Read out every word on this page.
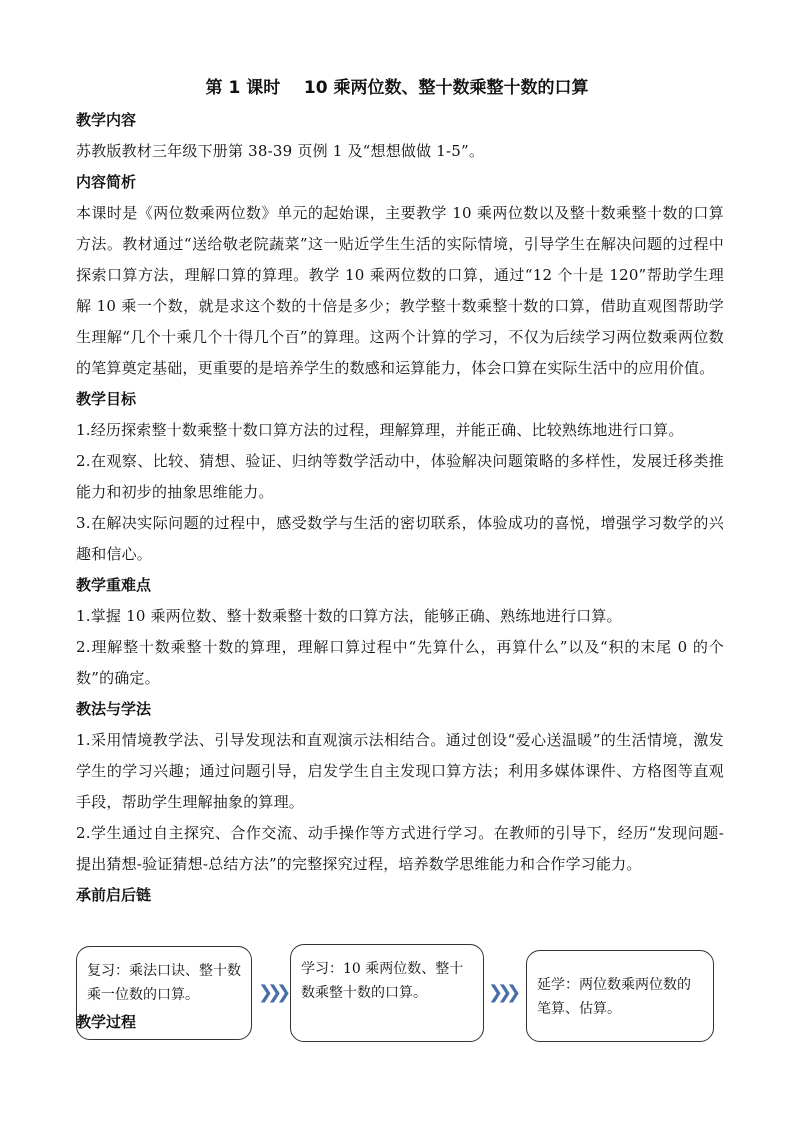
第 1 课时    10 乘两位数、整十数乘整十数的口算
教学内容
苏教版教材三年级下册第 38-39 页例 1 及“想想做做 1-5”。
内容简析
本课时是《两位数乘两位数》单元的起始课，主要教学 10 乘两位数以及整十数乘整十数的口算方法。教材通过“送给敬老院蔬菜”这一贴近学生生活的实际情境，引导学生在解决问题的过程中探索口算方法，理解口算的算理。教学 10 乘两位数的口算，通过“12 个十是 120”帮助学生理解 10 乘一个数，就是求这个数的十倍是多少；教学整十数乘整十数的口算，借助直观图帮助学生理解“几个十乘几个十得几个百”的算理。这两个计算的学习，不仅为后续学习两位数乘两位数的笔算奠定基础，更重要的是培养学生的数感和运算能力，体会口算在实际生活中的应用价值。
教学目标
1.经历探索整十数乘整十数口算方法的过程，理解算理，并能正确、比较熟练地进行口算。
2.在观察、比较、猜想、验证、归纳等数学活动中，体验解决问题策略的多样性，发展迁移类推能力和初步的抽象思维能力。
3.在解决实际问题的过程中，感受数学与生活的密切联系，体验成功的喜悦，增强学习数学的兴趣和信心。
教学重难点
1.掌握 10 乘两位数、整十数乘整十数的口算方法，能够正确、熟练地进行口算。
2.理解整十数乘整十数的算理，理解口算过程中“先算什么，再算什么”以及“积的末尾 0 的个数”的确定。
教法与学法
1.采用情境教学法、引导发现法和直观演示法相结合。通过创设“爱心送温暖”的生活情境，激发学生的学习兴趣；通过问题引导，启发学生自主发现口算方法；利用多媒体课件、方格图等直观手段，帮助学生理解抽象的算理。
2.学生通过自主探究、合作交流、动手操作等方式进行学习。在教师的引导下，经历“发现问题-提出猜想-验证猜想-总结方法”的完整探究过程，培养数学思维能力和合作学习能力。
承前启后链
复习：乘法口诀、整十数乘一位数的口算。	❯❯❯
学习：10 乘两位数、整十数乘整十数的口算。	❯❯❯	延学：两位数乘两位数的笔算、估算。
教学过程
